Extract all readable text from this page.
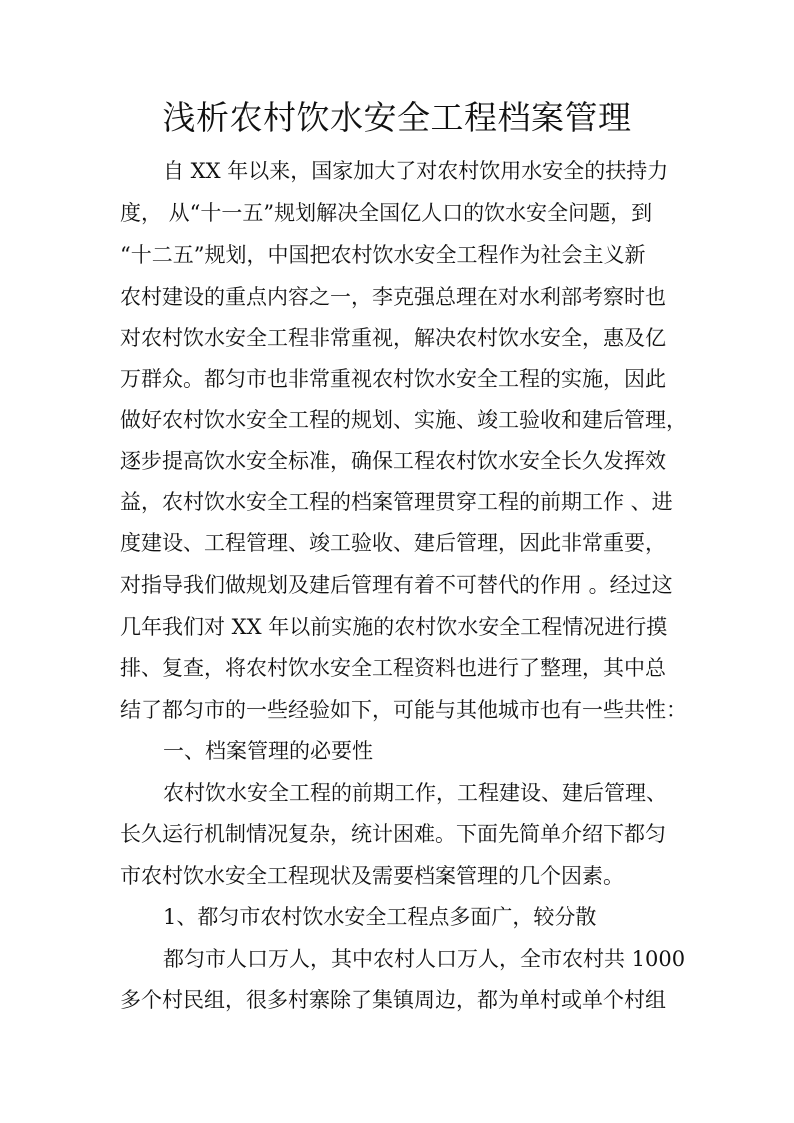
浅析农村饮水安全工程档案管理
自 XX 年以来，国家加大了对农村饮用水安全的扶持力
度， 从“十一五”规划解决全国亿人口的饮水安全问题，到
“十二五”规划，中国把农村饮水安全工程作为社会主义新
农村建设的重点内容之一，李克强总理在对水利部考察时也
对农村饮水安全工程非常重视，解决农村饮水安全，惠及亿
万群众。都匀市也非常重视农村饮水安全工程的实施，因此
做好农村饮水安全工程的规划、实施、竣工验收和建后管理，
逐步提高饮水安全标准，确保工程农村饮水安全长久发挥效
益，农村饮水安全工程的档案管理贯穿工程的前期工作 、进
度建设、工程管理、竣工验收、建后管理，因此非常重要，
对指导我们做规划及建后管理有着不可替代的作用 。经过这
几年我们对 XX 年以前实施的农村饮水安全工程情况进行摸
排、复查，将农村饮水安全工程资料也进行了整理，其中总
结了都匀市的一些经验如下，可能与其他城市也有一些共性：
一、档案管理的必要性
农村饮水安全工程的前期工作，工程建设、建后管理、
长久运行机制情况复杂，统计困难。下面先简单介绍下都匀
市农村饮水安全工程现状及需要档案管理的几个因素。
1、都匀市农村饮水安全工程点多面广，较分散
都匀市人口万人，其中农村人口万人，全市农村共 1000
多个村民组，很多村寨除了集镇周边，都为单村或单个村组
